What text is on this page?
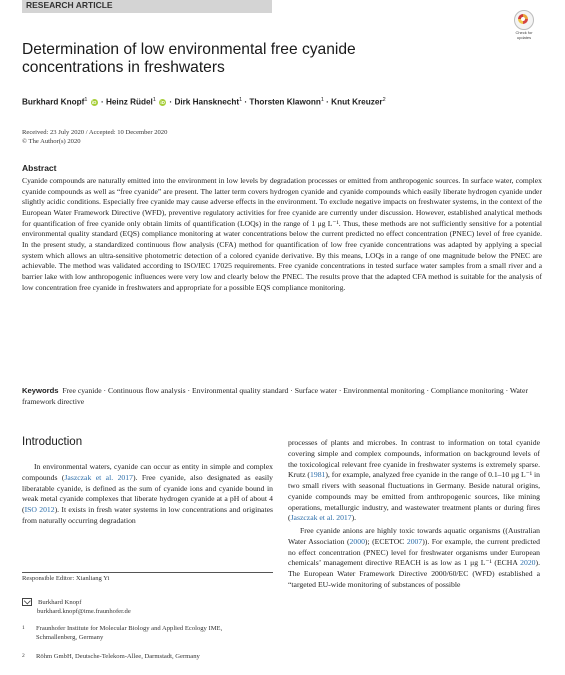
RESEARCH ARTICLE
Check for updates
Determination of low environmental free cyanide concentrations in freshwaters
Burkhard Knopf$^1$ iD · Heinz Rüdel$^1$ iD · Dirk Hansknecht$^1$ · Thorsten Klawonn$^1$ · Knut Kreuzer$^2$
Received: 23 July 2020 / Accepted: 10 December 2020
© The Author(s) 2020
Abstract
Cyanide compounds are naturally emitted into the environment in low levels by degradation processes or emitted from anthropogenic sources. In surface water, complex cyanide compounds as well as “free cyanide” are present. The latter term covers hydrogen cyanide and cyanide compounds which easily liberate hydrogen cyanide under slightly acidic conditions. Especially free cyanide may cause adverse effects in the environment. To exclude negative impacts on freshwater systems, in the context of the European Water Framework Directive (WFD), preventive regulatory activities for free cyanide are currently under discussion. However, established analytical methods for quantification of free cyanide only obtain limits of quantification (LOQs) in the range of 1 μg L⁻¹. Thus, these methods are not sufficiently sensitive for a potential environmental quality standard (EQS) compliance monitoring at water concentrations below the current predicted no effect concentration (PNEC) level of free cyanide. In the present study, a standardized continuous flow analysis (CFA) method for quantification of low free cyanide concentrations was adapted by applying a special system which allows an ultra-sensitive photometric detection of a colored cyanide derivative. By this means, LOQs in a range of one magnitude below the PNEC are achievable. The method was validated according to ISO/IEC 17025 requirements. Free cyanide concentrations in tested surface water samples from a small river and a barrier lake with low anthropogenic influences were very low and clearly below the PNEC. The results prove that the adapted CFA method is suitable for the analysis of low concentration free cyanide in freshwaters and appropriate for a possible EQS compliance monitoring.
Keywords Free cyanide · Continuous flow analysis · Environmental quality standard · Surface water · Environmental monitoring · Compliance monitoring · Water framework directive
Introduction

In environmental waters, cyanide can occur as entity in simple and complex compounds (Jaszczak et al. 2017). Free cyanide, also designated as easily liberatable cyanide, is defined as the sum of cyanide ions and cyanide bound in weak metal cyanide complexes that liberate hydrogen cyanide at a pH of about 4 (ISO 2012). It exists in fresh water systems in low concentrations and originates from naturally occurring degradation

processes of plants and microbes. In contrast to information on total cyanide covering simple and complex compounds, information on background levels of the toxicological relevant free cyanide in freshwater systems is extremely sparse. Krutz (1981), for example, analyzed free cyanide in the range of 0.1–10 μg L⁻¹ in two small rivers with seasonal fluctuations in Germany. Beside natural origins, cyanide compounds may be emitted from anthropogenic sources, like mining operations, metallurgic industry, and wastewater treatment plants or during fires (Jaszczak et al. 2017).

Free cyanide anions are highly toxic towards aquatic organisms ((Australian Water Association (2000); (ECETOC 2007)). For example, the current predicted no effect concentration (PNEC) level for freshwater organisms under European chemicals’ management directive REACH is as low as 1 μg L⁻¹ (ECHA 2020). The European Water Framework Directive 2000/60/EC (WFD) established a “targeted EU-wide monitoring of substances of possible

Responsible Editor: Xianliang Yi
Burkhard Knopf
burkhard.knopf@ime.fraunhofer.de
1 Fraunhofer Institute for Molecular Biology and Applied Ecology IME, Schmallenberg, Germany
2 Röhm GmbH, Deutsche-Telekom-Allee, Darmstadt, Germany
